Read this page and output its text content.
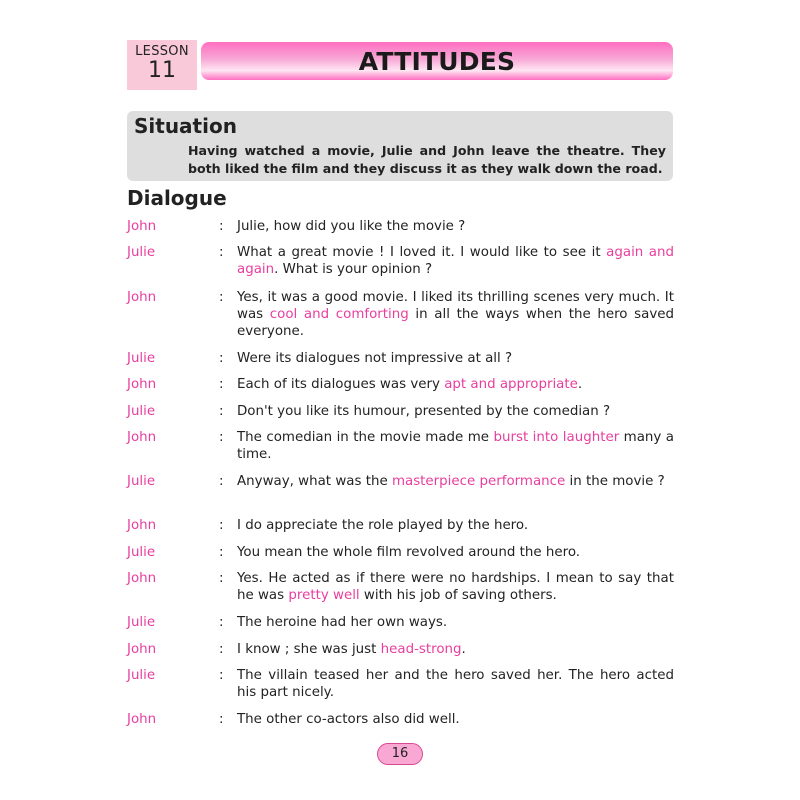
LESSON
11	ATTITUDES
Situation
Having watched a movie, Julie and John leave the theatre. They both liked the film and they discuss it as they walk down the road.
Dialogue
John	: Julie, how did you like the movie ?
Julie	: What a great movie ! I loved it. I would like to see it again and again. What is your opinion ?
John	: Yes, it was a good movie. I liked its thrilling scenes very much. It was cool and comforting in all the ways when the hero saved everyone.
Julie	: Were its dialogues not impressive at all ?
John	: Each of its dialogues was very apt and appropriate.
Julie	: Don't you like its humour, presented by the comedian ?
John	: The comedian in the movie made me burst into laughter many a time.
Julie	: Anyway, what was the masterpiece performance in the movie ?
John	: I do appreciate the role played by the hero.
Julie	: You mean the whole film revolved around the hero.
John	: Yes. He acted as if there were no hardships. I mean to say that he was pretty well with his job of saving others.
Julie	: The heroine had her own ways.
John	: I know ; she was just head-strong.
Julie	: The villain teased her and the hero saved her. The hero acted his part nicely.
John	: The other co-actors also did well.
16
